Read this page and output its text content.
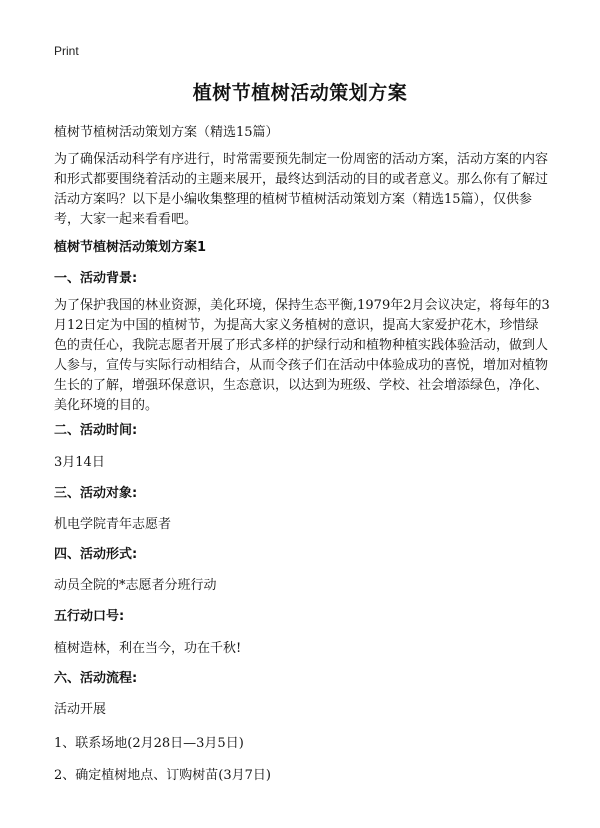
Print
植树节植树活动策划方案
植树节植树活动策划方案（精选15篇）
为了确保活动科学有序进行，时常需要预先制定一份周密的活动方案，活动方案的内容和形式都要围绕着活动的主题来展开，最终达到活动的目的或者意义。那么你有了解过活动方案吗？以下是小编收集整理的植树节植树活动策划方案（精选15篇），仅供参考，大家一起来看看吧。
植树节植树活动策划方案1
一、活动背景:
为了保护我国的林业资源，美化环境，保持生态平衡,1979年2月会议决定，将每年的3月12日定为中国的植树节，为提高大家义务植树的意识，提高大家爱护花木，珍惜绿色的责任心，我院志愿者开展了形式多样的护绿行动和植物种植实践体验活动，做到人人参与，宣传与实际行动相结合，从而令孩子们在活动中体验成功的喜悦，增加对植物生长的了解，增强环保意识，生态意识，以达到为班级、学校、社会增添绿色，净化、美化环境的目的。
二、活动时间:
3月14日
三、活动对象:
机电学院青年志愿者
四、活动形式:
动员全院的*志愿者分班行动
五行动口号:
植树造林，利在当今，功在千秋!
六、活动流程:
活动开展
1、联系场地(2月28日—3月5日)
2、确定植树地点、订购树苗(3月7日)
